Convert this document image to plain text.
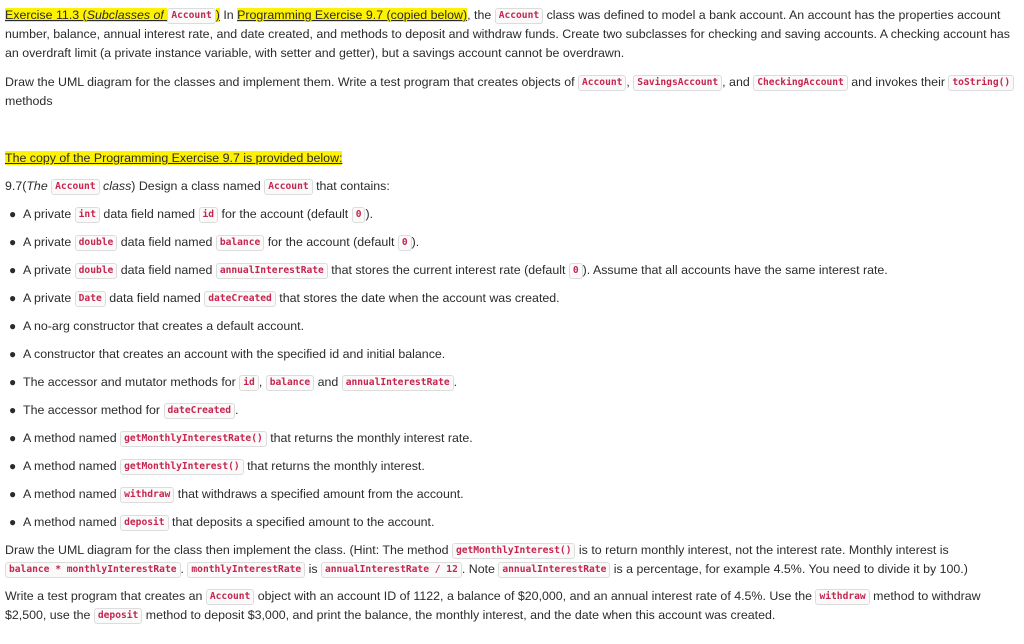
Exercise 11.3 (Subclasses of Account ) In Programming Exercise 9.7 (copied below), the Account class was defined to model a bank account. An account has the properties account number, balance, annual interest rate, and date created, and methods to deposit and withdraw funds. Create two subclasses for checking and saving accounts. A checking account has an overdraft limit (a private instance variable, with setter and getter), but a savings account cannot be overdrawn.

Draw the UML diagram for the classes and implement them. Write a test program that creates objects of Account , SavingsAccount , and CheckingAccount and invokes their toString() methods

The copy of the Programming Exercise 9.7 is provided below:

9.7(The Account class) Design a class named Account that contains:

● A private int data field named id for the account (default 0 ).
● A private double data field named balance for the account (default 0 ).
● A private double data field named annualInterestRate that stores the current interest rate (default 0 ). Assume that all accounts have the same interest rate.
● A private Date data field named dateCreated that stores the date when the account was created.
● A no-arg constructor that creates a default account.
● A constructor that creates an account with the specified id and initial balance.
● The accessor and mutator methods for id , balance and annualInterestRate .
● The accessor method for dateCreated .
● A method named getMonthlyInterestRate() that returns the monthly interest rate.
● A method named getMonthlyInterest() that returns the monthly interest.
● A method named withdraw that withdraws a specified amount from the account.
● A method named deposit that deposits a specified amount to the account.

Draw the UML diagram for the class then implement the class. (Hint: The method getMonthlyInterest() is to return monthly interest, not the interest rate. Monthly interest is balance * monthlyInterestRate . monthlyInterestRate is annualInterestRate / 12 . Note annualInterestRate is a percentage, for example 4.5%. You need to divide it by 100.)

Write a test program that creates an Account object with an account ID of 1122, a balance of $20,000, and an annual interest rate of 4.5%. Use the withdraw method to withdraw $2,500, use the deposit method to deposit $3,000, and print the balance, the monthly interest, and the date when this account was created.
